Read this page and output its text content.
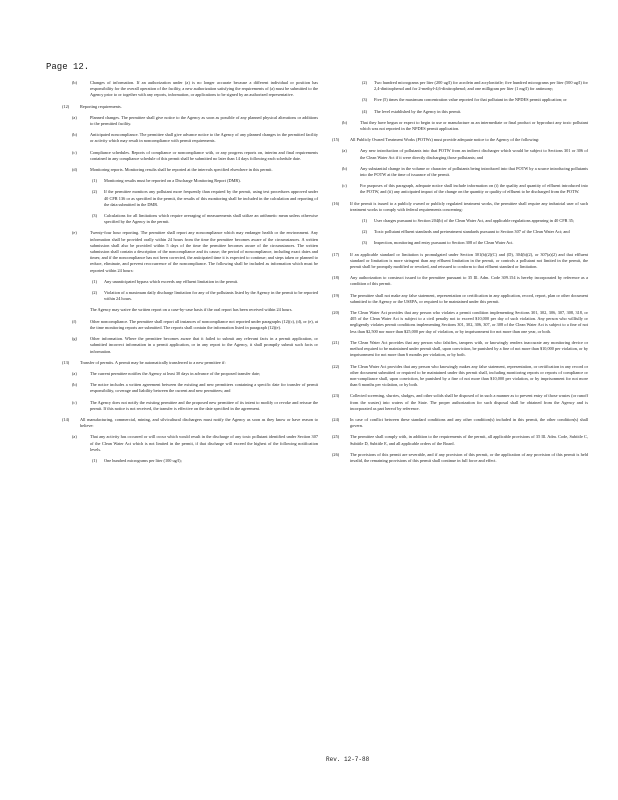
Page 12.
(b)	Changes of information. If an authorization under (a) is no longer accurate because a different individual or position has responsibility for the overall operation of the facility, a new authorization satisfying the requirements of (a) must be submitted to the Agency prior to or together with any reports, information, or applications to be signed by an authorized representative.
(12)	Reporting requirements.
(a)	Planned changes. The permittee shall give notice to the Agency as soon as possible of any planned physical alterations or additions to the permitted facility.
(b)	Anticipated noncompliance. The permittee shall give advance notice to the Agency of any planned changes in the permitted facility or activity which may result in noncompliance with permit requirements.
(c)	Compliance schedules. Reports of compliance or noncompliance with, or any progress reports on, interim and final requirements contained in any compliance schedule of this permit shall be submitted no later than 14 days following each schedule date.
(d)	Monitoring reports. Monitoring results shall be reported at the intervals specified elsewhere in this permit.
(1) Monitoring results must be reported on a Discharge Monitoring Report (DMR).
(2) If the permittee monitors any pollutant more frequently than required by the permit, using test procedures approved under 40 CFR 136 or as specified in the permit, the results of this monitoring shall be included in the calculation and reporting of the data submitted in the DMR.
(3) Calculations for all limitations which require averaging of measurements shall utilize an arithmetic mean unless otherwise specified by the Agency in the permit.
(e)	Twenty-four hour reporting. The permittee shall report any noncompliance which may endanger health or the environment. Any information shall be provided orally within 24 hours from the time the permittee becomes aware of the circumstances. A written submission shall also be provided within 5 days of the time the permittee becomes aware of the circumstances. The written submission shall contain a description of the noncompliance and its cause; the period of noncompliance, including exact dates and times; and if the noncompliance has not been corrected, the anticipated time it is expected to continue; and steps taken or planned to reduce, eliminate, and prevent reoccurrence of the noncompliance. The following shall be included as information which must be reported within 24 hours:
(1) Any unanticipated bypass which exceeds any effluent limitation in the permit.
(2) Violation of a maximum daily discharge limitation for any of the pollutants listed by the Agency in the permit to be reported within 24 hours.
The Agency may waive the written report on a case-by-case basis if the oral report has been received within 24 hours.
(f)	Other noncompliance. The permittee shall report all instances of noncompliance not reported under paragraphs (12)(c), (d), or (e), at the time monitoring reports are submitted. The reports shall contain the information listed in paragraph (12)(e).
(g)	Other information. Where the permittee becomes aware that it failed to submit any relevant facts in a permit application, or submitted incorrect information in a permit application, or in any report to the Agency, it shall promptly submit such facts or information.
(13)	Transfer of permits. A permit may be automatically transferred to a new permittee if:
(a)	The current permittee notifies the Agency at least 30 days in advance of the proposed transfer date;
(b)	The notice includes a written agreement between the existing and new permittees containing a specific date for transfer of permit responsibility, coverage and liability between the current and new permittees; and
(c)	The Agency does not notify the existing permittee and the proposed new permittee of its intent to modify or revoke and reissue the permit. If this notice is not received, the transfer is effective on the date specified in the agreement.
(14)	All manufacturing, commercial, mining, and silvicultural dischargers must notify the Agency as soon as they know or have reason to believe:
(a)	That any activity has occurred or will occur which would result in the discharge of any toxic pollutant identified under Section 307 of the Clean Water Act which is not limited in the permit, if that discharge will exceed the highest of the following notification levels.
(1) One hundred micrograms per liter (100 ug/l);
(2) Two hundred micrograms per liter (200 ug/l) for acrolein and acrylonitrile; five hundred micrograms per liter (500 ug/l) for 2,4-dinitrophenol and for 2-methyl-4,6-dinitrophenol; and one milligram per liter (1 mg/l) for antimony;
(3) Five (5) times the maximum concentration value reported for that pollutant in the NPDES permit application; or
(4) The level established by the Agency in this permit.
(b)	That they have begun or expect to begin to use or manufacture as an intermediate or final product or byproduct any toxic pollutant which was not reported in the NPDES permit application.
(15)	All Publicly Owned Treatment Works (POTWs) must provide adequate notice to the Agency of the following:
(a)	Any new introduction of pollutants into that POTW from an indirect discharger which would be subject to Sections 301 or 306 of the Clean Water Act if it were directly discharging those pollutants; and
(b)	Any substantial change in the volume or character of pollutants being introduced into that POTW by a source introducing pollutants into the POTW at the time of issuance of the permit.
(c)	For purposes of this paragraph, adequate notice shall include information on (i) the quality and quantity of effluent introduced into the POTW, and (ii) any anticipated impact of the change on the quantity or quality of effluent to be discharged from the POTW.
(16)	If the permit is issued to a publicly owned or publicly regulated treatment works, the permittee shall require any industrial user of such treatment works to comply with federal requirements concerning:
(1) User charges pursuant to Section 204(b) of the Clean Water Act, and applicable regulations appearing in 40 CFR 35;
(2) Toxic pollutant effluent standards and pretreatment standards pursuant to Section 307 of the Clean Water Act; and
(3) Inspection, monitoring and entry pursuant to Section 308 of the Clean Water Act.
(17)	If an applicable standard or limitation is promulgated under Section 301(b)(2)(C) and (D), 304(b)(2), or 307(a)(2) and that effluent standard or limitation is more stringent than any effluent limitation in the permit, or controls a pollutant not limited in the permit, the permit shall be promptly modified or revoked, and reissued to conform to that effluent standard or limitation.
(18)	Any authorization to construct issued to the permittee pursuant to 35 Ill. Adm. Code 309.154 is hereby incorporated by reference as a condition of this permit.
(19)	The permittee shall not make any false statement, representation or certification in any application, record, report, plan or other document submitted to the Agency or the USEPA, or required to be maintained under this permit.
(20)	The Clean Water Act provides that any person who violates a permit condition implementing Sections 301, 302, 306, 307, 308, 318, or 405 of the Clean Water Act is subject to a civil penalty not to exceed $10,000 per day of such violation. Any person who willfully or negligently violates permit conditions implementing Sections 301, 302, 306, 307, or 308 of the Clean Water Act is subject to a fine of not less than $2,500 nor more than $25,000 per day of violation, or by imprisonment for not more than one year, or both.
(21)	The Clean Water Act provides that any person who falsifies, tampers with, or knowingly renders inaccurate any monitoring device or method required to be maintained under permit shall, upon conviction, be punished by a fine of not more than $10,000 per violation, or by imprisonment for not more than 6 months per violation, or by both.
(22)	The Clean Water Act provides that any person who knowingly makes any false statement, representation, or certification in any record or other document submitted or required to be maintained under this permit shall, including monitoring reports or reports of compliance or non-compliance shall, upon conviction, be punished by a fine of not more than $10,000 per violation, or by imprisonment for not more than 6 months per violation, or by both.
(23)	Collected screening, slurries, sludges, and other solids shall be disposed of in such a manner as to prevent entry of those wastes (or runoff from the wastes) into waters of the State. The proper authorization for such disposal shall be obtained from the Agency and is incorporated as part hereof by reference.
(24)	In case of conflict between these standard conditions and any other condition(s) included in this permit, the other condition(s) shall govern.
(25)	The permittee shall comply with, in addition to the requirements of the permit, all applicable provisions of 35 Ill. Adm. Code, Subtitle C, Subtitle D, Subtitle E, and all applicable orders of the Board.
(26)	The provisions of this permit are severable, and if any provision of this permit, or the application of any provision of this permit is held invalid, the remaining provisions of this permit shall continue in full force and effect.
Rev. 12-7-88
